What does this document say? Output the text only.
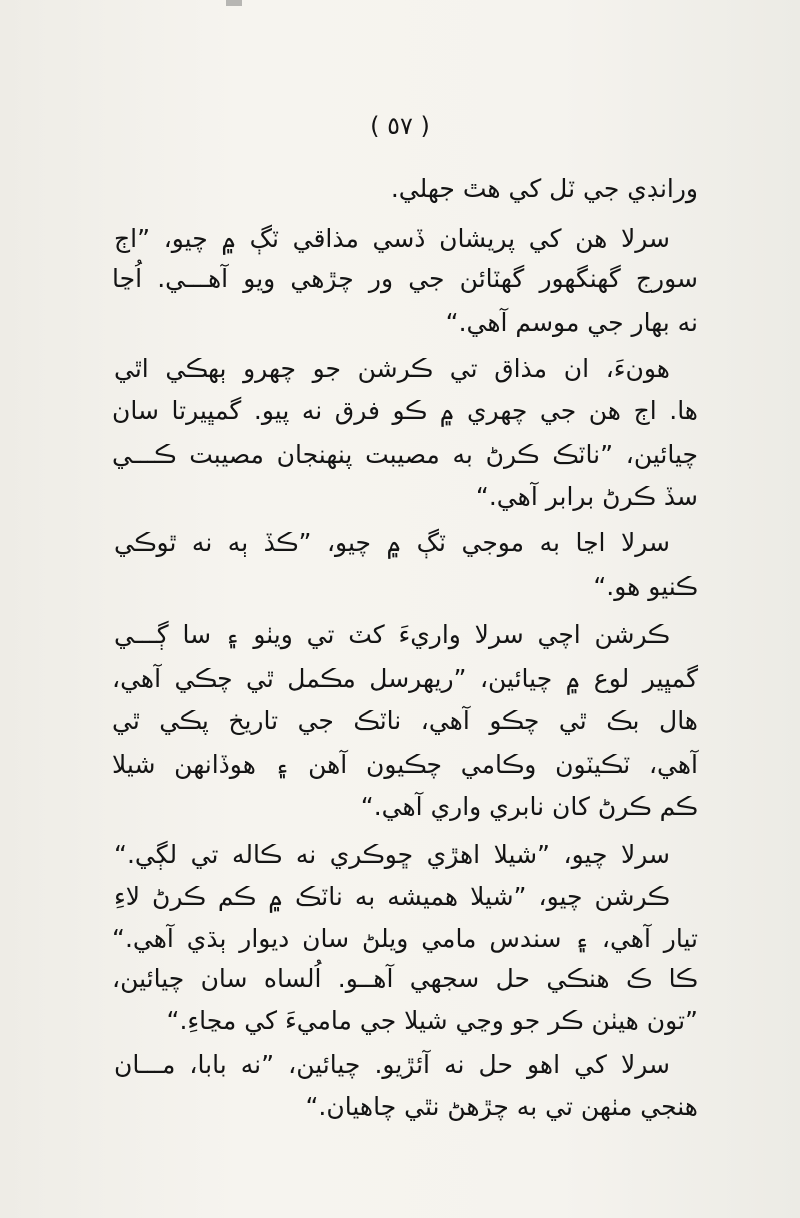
( ٥٧ )
ورانڊي جي ٽل کي هٿ جهلي.
سرلا هن کي پريشان ڏسي مذاقي ٽڳ ۾ چيو، ”اڄ
سورج گهنگهور گهٽائن جي ور چڙهي ويو آهـــي. اُڃا
نه بهار جي موسم آهي.“
هونءَ، ان مذاق تي ڪرشن جو چهرو ٻهڪي اٿي
ها. اڄ هن جي چهري ۾ ڪو فرق نه پيو. گمڀيرتا سان
چيائين، ”ناٽڪ ڪرڻ به مصيبت پنهنجان مصيبت ڪـــي
سڏ ڪرڻ برابر آهي.“
سرلا اڃا به موجي ٽڳ ۾ چيو، ”ڪڏ ٻه نه ٿوڪي
ڪنيو هو.“
ڪرشن اچي سرلا واريءَ کٽ تي ويٺو ۽ سا ڳـــي
گمڀير لوع ۾ چيائين، ”ريهرسل مڪمل ٿي چڪي آهي،
هال بڪ ٿي چڪو آهي، ناٽڪ جي تاريخ پڪي ٿي
آهي، ٽڪيٽون وڪامي چڪيون آهن ۽ هوڏانهن شيلا
ڪم ڪرڻ کان نابري واري آهي.“
سرلا چيو، ”شيلا اهڙي ڇوڪري نه ڪاله تي لڳي.“
ڪرشن چيو، ”شيلا هميشه به ناٽڪ ۾ ڪم ڪرڻ لاءِ
تيار آهي، ۽ سندس مامي ويلڻ سان ديوار ٻڌي آهي.“
ڪا ڪ هنڪي حل سجهي آهــو. اُلساه سان چيائين،
”تون هيٺن ڪر جو وڃي شيلا جي ماميءَ کي مڃاءِ.“
سرلا کي اهو حل نه آئڙيو. چيائين، ”نه بابا، مـــان
هنجي مٺهن تي به چڙهڻ نٿي چاهيان.“
